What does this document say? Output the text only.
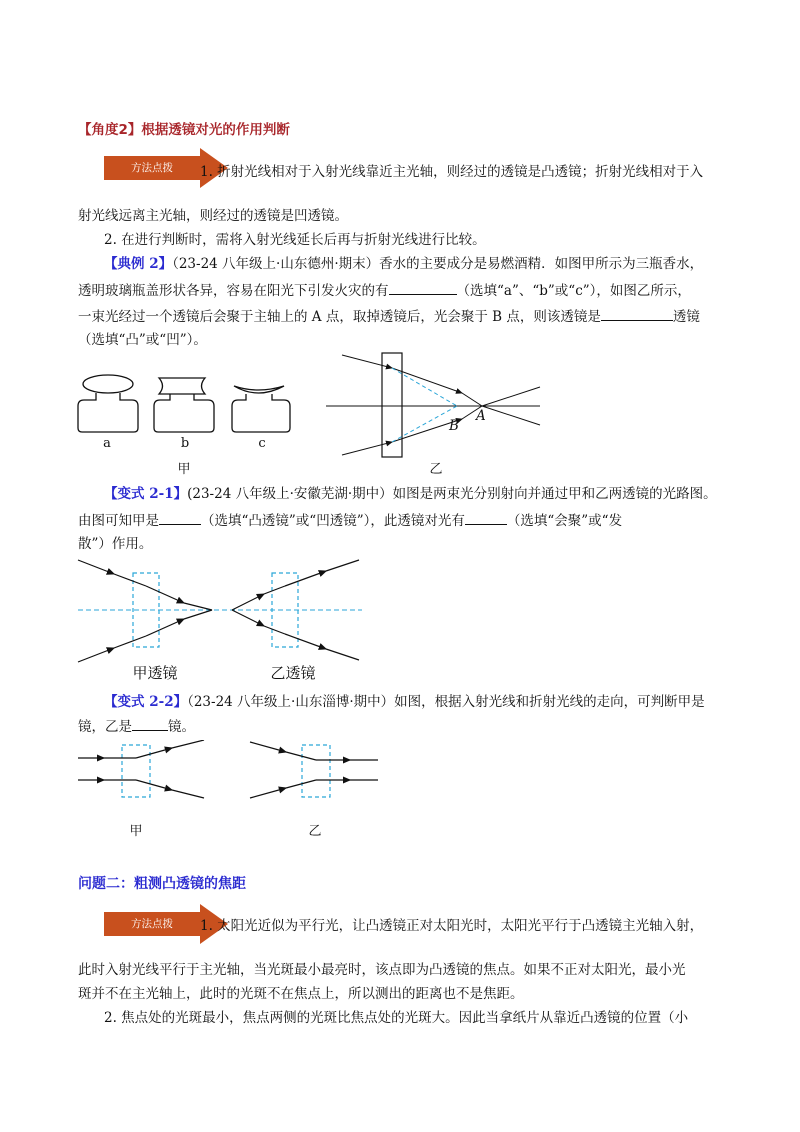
【角度2】根据透镜对光的作用判断
方法点拨	1. 折射光线相对于入射光线靠近主光轴，则经过的透镜是凸透镜；折射光线相对于入
射光线远离主光轴，则经过的透镜是凹透镜。
2. 在进行判断时，需将入射光线延长后再与折射光线进行比较。
【典例 2】（23-24 八年级上·山东德州·期末）香水的主要成分是易燃酒精．如图甲所示为三瓶香水，
透明玻璃瓶盖形状各异，容易在阳光下引发火灾的有	（选填“a”、“b”或“c”），如图乙所示，
一束光经过一个透镜后会聚于主轴上的 A 点，取掉透镜后，光会聚于 B 点，则该透镜是	透镜
（选填“凸”或“凹”）。
a	b	c
甲
A
B
乙
【变式 2-1】(23-24 八年级上·安徽芜湖·期中）如图是两束光分别射向并通过甲和乙两透镜的光路图。
由图可知甲是	（选填“凸透镜”或“凹透镜”），此透镜对光有	（选填“会聚”或“发
散”）作用。
甲透镜	乙透镜
【变式 2-2】（23-24 八年级上·山东淄博·期中）如图，根据入射光线和折射光线的走向，可判断甲是
镜，乙是	镜。
甲	乙
问题二：粗测凸透镜的焦距
方法点拨	1. 太阳光近似为平行光，让凸透镜正对太阳光时，太阳光平行于凸透镜主光轴入射，
此时入射光线平行于主光轴，当光斑最小最亮时，该点即为凸透镜的焦点。如果不正对太阳光，最小光
斑并不在主光轴上，此时的光斑不在焦点上，所以测出的距离也不是焦距。
2. 焦点处的光斑最小，焦点两侧的光斑比焦点处的光斑大。因此当拿纸片从靠近凸透镜的位置（小
